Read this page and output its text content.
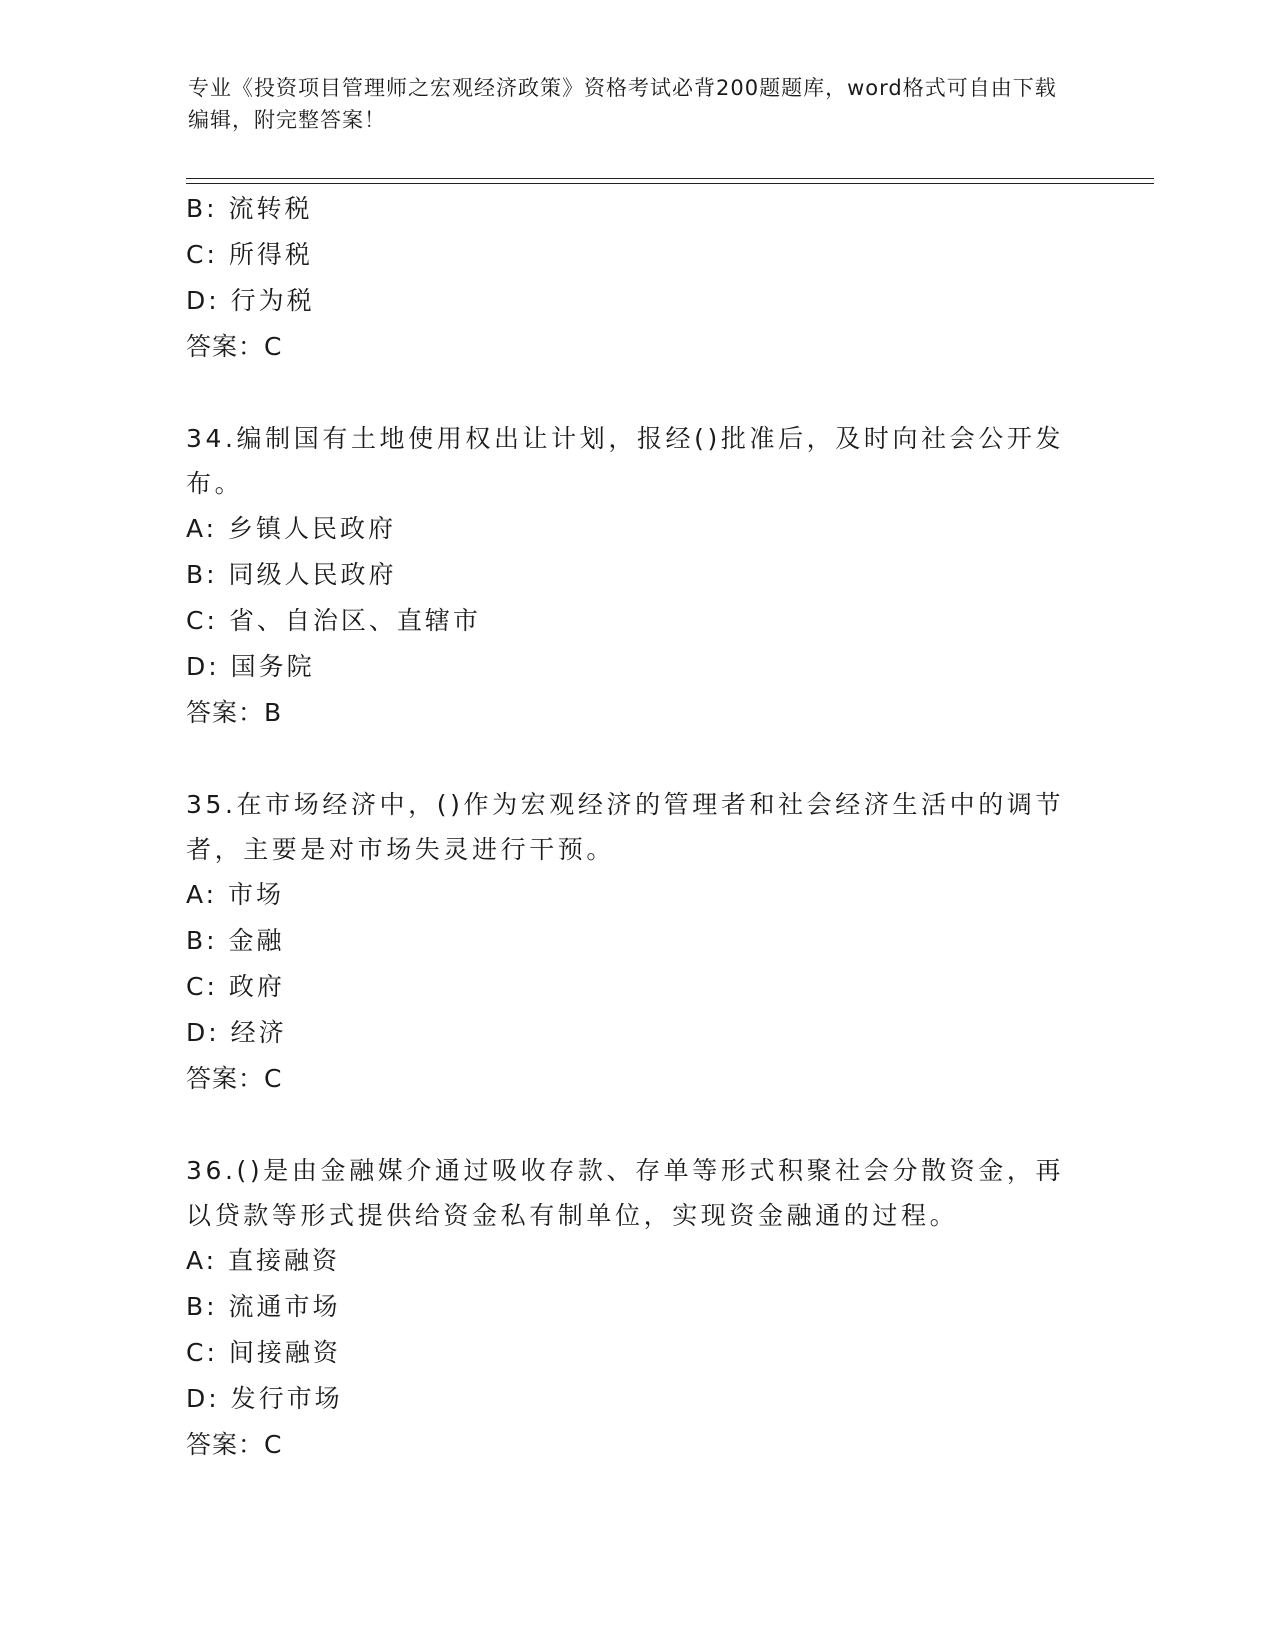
专业《投资项目管理师之宏观经济政策》资格考试必背200题题库，word格式可自由下载编辑，附完整答案！
B: 流转税
C: 所得税
D: 行为税
答案：C
34.编制国有土地使用权出让计划，报经()批准后，及时向社会公开发布。
A: 乡镇人民政府
B: 同级人民政府
C: 省、自治区、直辖市
D: 国务院
答案：B
35.在市场经济中，()作为宏观经济的管理者和社会经济生活中的调节者，主要是对市场失灵进行干预。
A: 市场
B: 金融
C: 政府
D: 经济
答案：C
36.()是由金融媒介通过吸收存款、存单等形式积聚社会分散资金，再以贷款等形式提供给资金私有制单位，实现资金融通的过程。
A: 直接融资
B: 流通市场
C: 间接融资
D: 发行市场
答案：C
